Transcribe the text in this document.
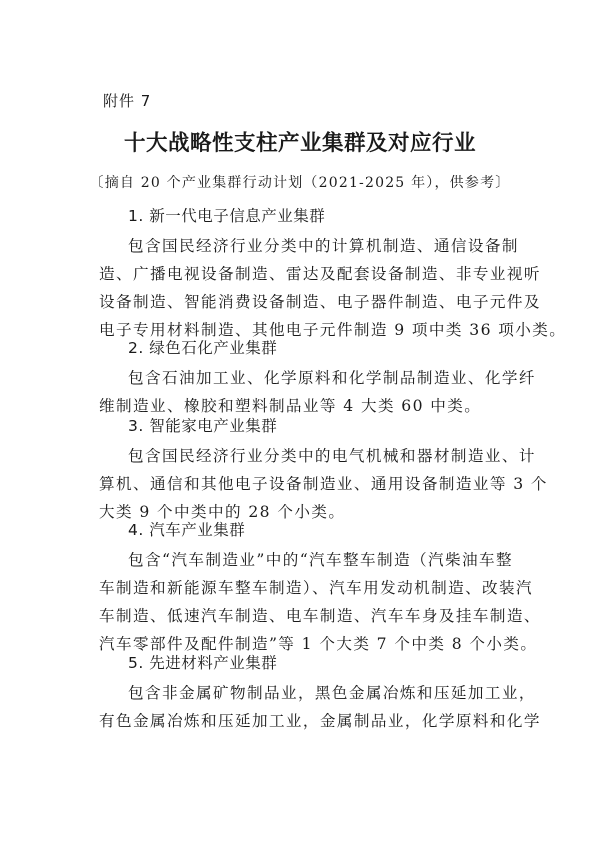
附件 7
十大战略性支柱产业集群及对应行业
〔摘自 20 个产业集群行动计划（2021-2025 年），供参考〕
1. 新一代电子信息产业集群
包含国民经济行业分类中的计算机制造、通信设备制
造、广播电视设备制造、雷达及配套设备制造、非专业视听
设备制造、智能消费设备制造、电子器件制造、电子元件及
电子专用材料制造、其他电子元件制造 9 项中类 36 项小类。
2. 绿色石化产业集群
包含石油加工业、化学原料和化学制品制造业、化学纤
维制造业、橡胶和塑料制品业等 4 大类 60 中类。
3. 智能家电产业集群
包含国民经济行业分类中的电气机械和器材制造业、计
算机、通信和其他电子设备制造业、通用设备制造业等 3 个
大类 9 个中类中的 28 个小类。
4. 汽车产业集群
包含“汽车制造业”中的“汽车整车制造（汽柴油车整
车制造和新能源车整车制造）、汽车用发动机制造、改装汽
车制造、低速汽车制造、电车制造、汽车车身及挂车制造、
汽车零部件及配件制造”等 1 个大类 7 个中类 8 个小类。
5. 先进材料产业集群
包含非金属矿物制品业，黑色金属冶炼和压延加工业，
有色金属冶炼和压延加工业，金属制品业，化学原料和化学
